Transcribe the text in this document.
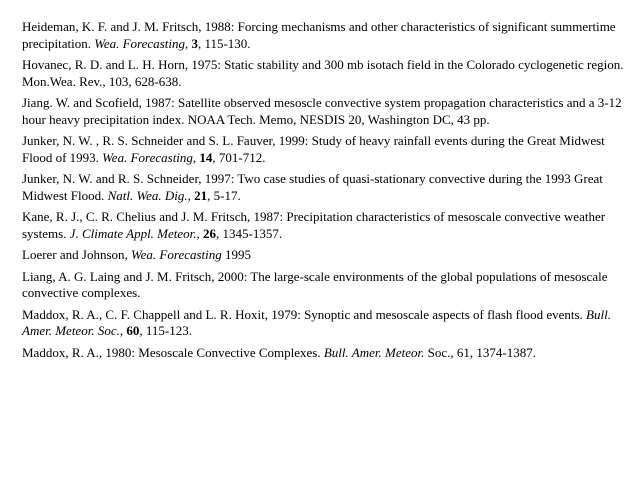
Heideman, K. F. and J. M. Fritsch, 1988: Forcing mechanisms and other characteristics of significant summertime precipitation. Wea. Forecasting, 3, 115-130.

Hovanec, R. D. and L. H. Horn, 1975: Static stability and 300 mb isotach field in the Colorado cyclogenetic region. Mon.Wea. Rev., 103, 628-638.

Jiang. W. and Scofield, 1987: Satellite observed mesoscle convective system propagation characteristics and a 3-12 hour heavy precipitation index. NOAA Tech. Memo, NESDIS 20, Washington DC, 43 pp.

Junker, N. W. , R. S. Schneider and S. L. Fauver, 1999: Study of heavy rainfall events during the Great Midwest Flood of 1993. Wea. Forecasting, 14, 701-712.

Junker, N. W. and R. S. Schneider, 1997: Two case studies of quasi-stationary convective during the 1993 Great Midwest Flood. Natl. Wea. Dig., 21, 5-17.

Kane, R. J., C. R. Chelius and J. M. Fritsch, 1987: Precipitation characteristics of mesoscale convective weather systems. J. Climate Appl. Meteor., 26, 1345-1357.

Loerer and Johnson, Wea. Forecasting 1995

Liang, A. G. Laing and J. M. Fritsch, 2000: The large-scale environments of the global populations of mesoscale convective complexes.

Maddox, R. A., C. F. Chappell and L. R. Hoxit, 1979: Synoptic and mesoscale aspects of flash flood events. Bull. Amer. Meteor. Soc., 60, 115-123.

Maddox, R. A., 1980: Mesoscale Convective Complexes. Bull. Amer. Meteor. Soc., 61, 1374-1387.
